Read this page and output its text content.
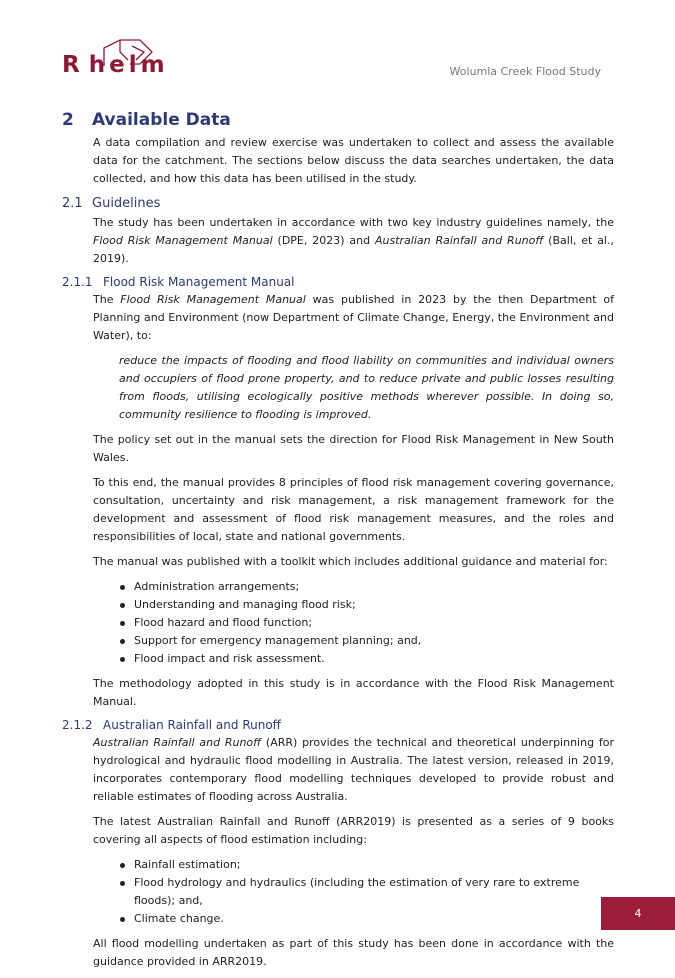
R h e l m	Wolumla Creek Flood Study
2 Available Data

A data compilation and review exercise was undertaken to collect and assess the available data for the catchment. The sections below discuss the data searches undertaken, the data collected, and how this data has been utilised in the study.

2.1 Guidelines

The study has been undertaken in accordance with two key industry guidelines namely, the Flood Risk Management Manual (DPE, 2023) and Australian Rainfall and Runoff (Ball, et al., 2019).

2.1.1 Flood Risk Management Manual

The Flood Risk Management Manual was published in 2023 by the then Department of Planning and Environment (now Department of Climate Change, Energy, the Environment and Water), to:

reduce the impacts of flooding and flood liability on communities and individual owners and occupiers of flood prone property, and to reduce private and public losses resulting from floods, utilising ecologically positive methods wherever possible. In doing so, community resilience to flooding is improved.

The policy set out in the manual sets the direction for Flood Risk Management in New South Wales.

To this end, the manual provides 8 principles of flood risk management covering governance, consultation, uncertainty and risk management, a risk management framework for the development and assessment of flood risk management measures, and the roles and responsibilities of local, state and national governments.

The manual was published with a toolkit which includes additional guidance and material for:

Administration arrangements;
Understanding and managing flood risk;
Flood hazard and flood function;
Support for emergency management planning; and,
Flood impact and risk assessment.

The methodology adopted in this study is in accordance with the Flood Risk Management Manual.

2.1.2 Australian Rainfall and Runoff

Australian Rainfall and Runoff (ARR) provides the technical and theoretical underpinning for hydrological and hydraulic flood modelling in Australia. The latest version, released in 2019, incorporates contemporary flood modelling techniques developed to provide robust and reliable estimates of flooding across Australia.

The latest Australian Rainfall and Runoff (ARR2019) is presented as a series of 9 books covering all aspects of flood estimation including:

Rainfall estimation;
Flood hydrology and hydraulics (including the estimation of very rare to extreme floods); and,
Climate change.

All flood modelling undertaken as part of this study has been done in accordance with the guidance provided in ARR2019.

4
